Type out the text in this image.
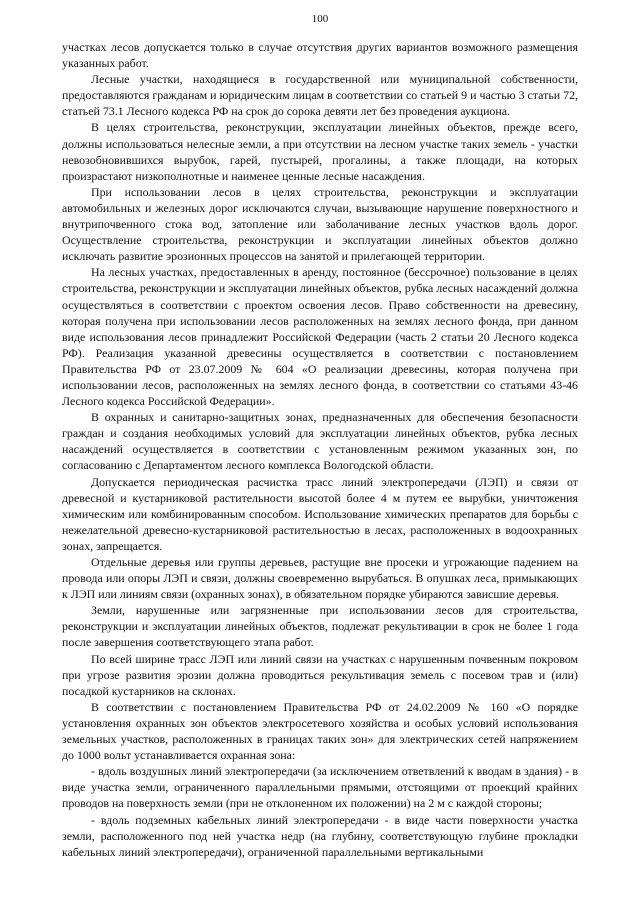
100

участках лесов допускается только в случае отсутствия других вариантов возможного размещения указанных работ.

Лесные участки, находящиеся в государственной или муниципальной собственности, предоставляются гражданам и юридическим лицам в соответствии со статьей 9 и частью 3 статьи 72, статьей 73.1 Лесного кодекса РФ на срок до сорока девяти лет без проведения аукциона.

В целях строительства, реконструкции, эксплуатации линейных объектов, прежде всего, должны использоваться нелесные земли, а при отсутствии на лесном участке таких земель - участки невозобновившихся вырубок, гарей, пустырей, прогалины, а также площади, на которых произрастают низкополнотные и наименее ценные лесные насаждения.

При использовании лесов в целях строительства, реконструкции и эксплуатации автомобильных и железных дорог исключаются случаи, вызывающие нарушение поверхностного и внутрипочвенного стока вод, затопление или заболачивание лесных участков вдоль дорог. Осуществление строительства, реконструкции и эксплуатации линейных объектов должно исключать развитие эрозионных процессов на занятой и прилегающей территории.

На лесных участках, предоставленных в аренду, постоянное (бессрочное) пользование в целях строительства, реконструкции и эксплуатации линейных объектов, рубка лесных насаждений должна осуществляться в соответствии с проектом освоения лесов. Право собственности на древесину, которая получена при использовании лесов расположенных на землях лесного фонда, при данном виде использования лесов принадлежит Российской Федерации (часть 2 статьи 20 Лесного кодекса РФ). Реализация указанной древесины осуществляется в соответствии с постановлением Правительства РФ от 23.07.2009 № 604 «О реализации древесины, которая получена при использовании лесов, расположенных на землях лесного фонда, в соответствии со статьями 43-46 Лесного кодекса Российской Федерации».

В охранных и санитарно-защитных зонах, предназначенных для обеспечения безопасности граждан и создания необходимых условий для эксплуатации линейных объектов, рубка лесных насаждений осуществляется в соответствии с установленным режимом указанных зон, по согласованию с Департаментом лесного комплекса Вологодской области.

Допускается периодическая расчистка трасс линий электропередачи (ЛЭП) и связи от древесной и кустарниковой растительности высотой более 4 м путем ее вырубки, уничтожения химическим или комбинированным способом. Использование химических препаратов для борьбы с нежелательной древесно-кустарниковой растительностью в лесах, расположенных в водоохранных зонах, запрещается.

Отдельные деревья или группы деревьев, растущие вне просеки и угрожающие падением на провода или опоры ЛЭП и связи, должны своевременно вырубаться. В опушках леса, примыкающих к ЛЭП или линиям связи (охранных зонах), в обязательном порядке убираются зависшие деревья.

Земли, нарушенные или загрязненные при использовании лесов для строительства, реконструкции и эксплуатации линейных объектов, подлежат рекультивации в срок не более 1 года после завершения соответствующего этапа работ.

По всей ширине трасс ЛЭП или линий связи на участках с нарушенным почвенным покровом при угрозе развития эрозии должна проводиться рекультивация земель с посевом трав и (или) посадкой кустарников на склонах.

В соответствии с постановлением Правительства РФ от 24.02.2009 № 160 «О порядке установления охранных зон объектов электросетевого хозяйства и особых условий использования земельных участков, расположенных в границах таких зон» для электрических сетей напряжением до 1000 вольт устанавливается охранная зона:

- вдоль воздушных линий электропередачи (за исключением ответвлений к вводам в здания) - в виде участка земли, ограниченного параллельными прямыми, отстоящими от проекций крайних проводов на поверхность земли (при не отклоненном их положении) на 2 м с каждой стороны;

- вдоль подземных кабельных линий электропередачи - в виде части поверхности участка земли, расположенного под ней участка недр (на глубину, соответствующую глубине прокладки кабельных линий электропередачи), ограниченной параллельными вертикальными
